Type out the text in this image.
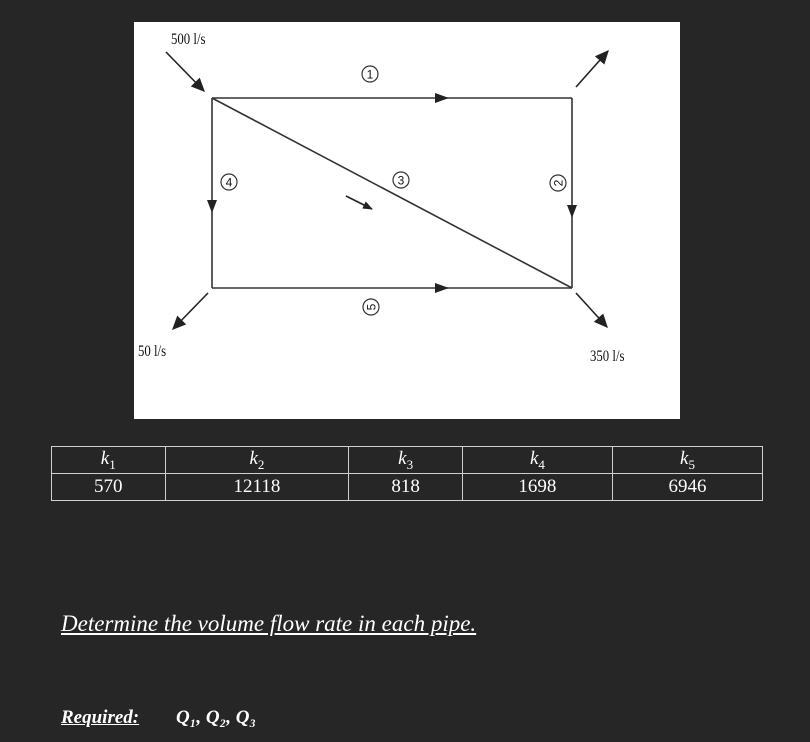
1
2
3
4
5
500 l/s
50 l/s	350 l/s
$k_1$	$k_2$	$k_3$	$k_4$	$k_5$
570	12118	818	1698	6946
Determine the volume flow rate in each pipe.
Required: Q₁, Q₂, Q₃
